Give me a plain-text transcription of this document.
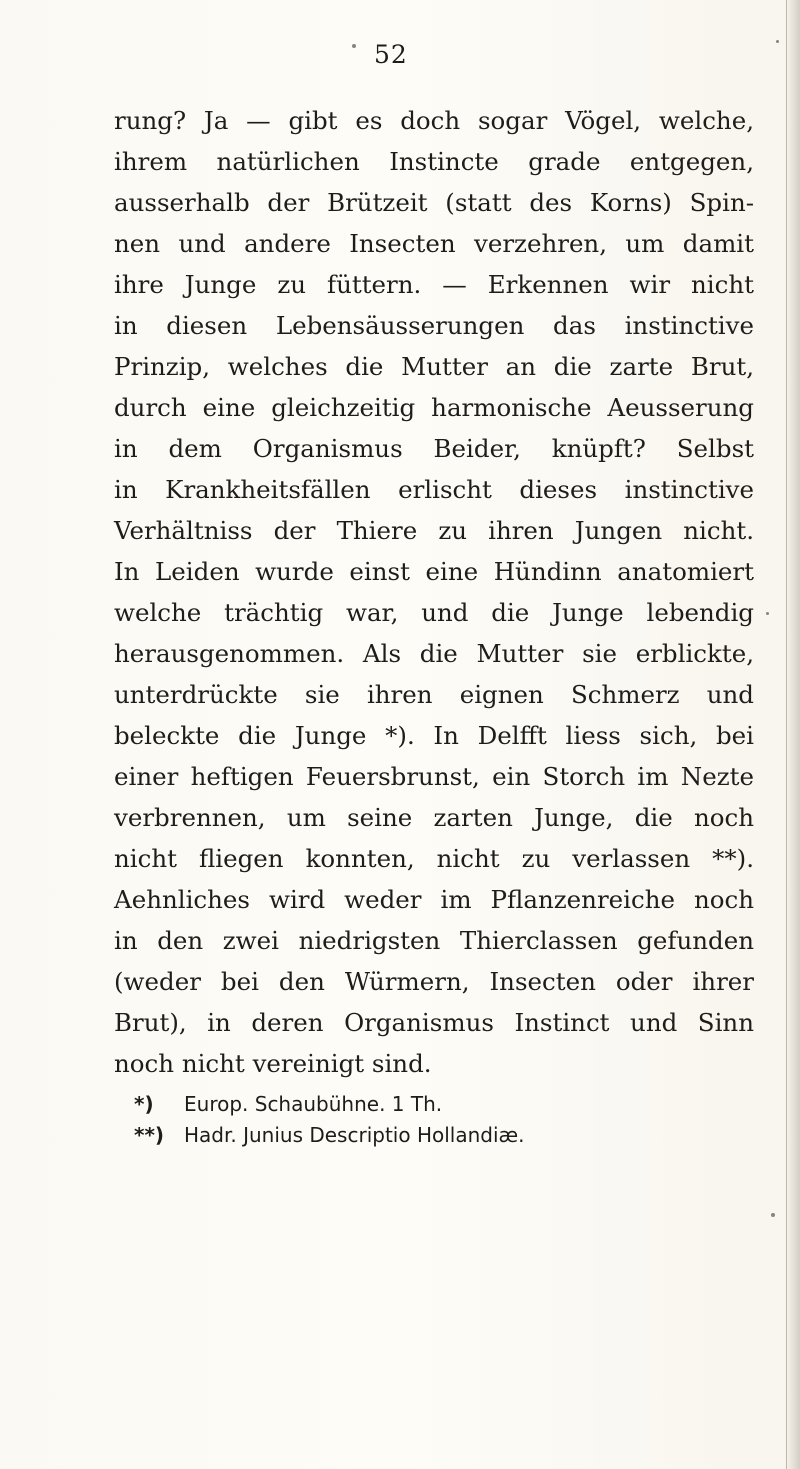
52
rung? Ja — gibt es doch sogar Vögel, welche,
ihrem natürlichen Instincte grade entgegen,
ausserhalb der Brützeit (statt des Korns) Spin-
nen und andere Insecten verzehren, um damit
ihre Junge zu füttern. — Erkennen wir nicht
in diesen Lebensäusserungen das instinctive
Prinzip, welches die Mutter an die zarte Brut,
durch eine gleichzeitig harmonische Aeusserung
in dem Organismus Beider, knüpft? Selbst
in Krankheitsfällen erlischt dieses instinctive
Verhältniss der Thiere zu ihren Jungen nicht.
In Leiden wurde einst eine Hündinn anatomiert
welche trächtig war, und die Junge lebendig
herausgenommen. Als die Mutter sie erblickte,
unterdrückte sie ihren eignen Schmerz und
beleckte die Junge *). In Delfft liess sich, bei
einer heftigen Feuersbrunst, ein Storch im Nezte
verbrennen, um seine zarten Junge, die noch
nicht fliegen konnten, nicht zu verlassen **).
Aehnliches wird weder im Pflanzenreiche noch
in den zwei niedrigsten Thierclassen gefunden
(weder bei den Würmern, Insecten oder ihrer
Brut), in deren Organismus Instinct und Sinn
noch nicht vereinigt sind.
*) Europ. Schaubühne. 1 Th.
**) Hadr. Junius Descriptio Hollandiæ.
